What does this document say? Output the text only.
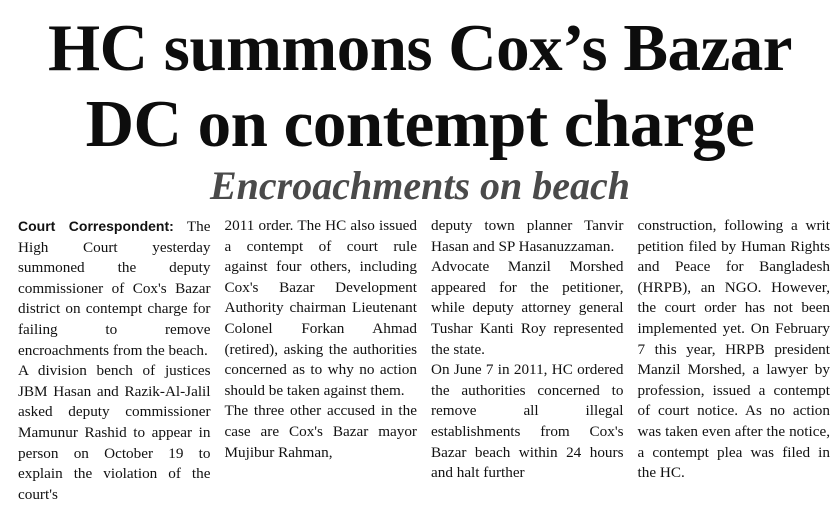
HC summons Cox’s Bazar
DC on contempt charge
Encroachments on beach

Court Correspondent: The High Court yesterday summoned the deputy commissioner of Cox's Bazar district on contempt charge for failing to remove encroachments from the beach.

A division bench of justices JBM Hasan and Razik-Al-Jalil asked deputy commissioner Mamunur Rashid to appear in person on October 19 to explain the violation of the court's

2011 order. The HC also issued a contempt of court rule against four others, including Cox's Bazar Development Authority chairman Lieutenant Colonel Forkan Ahmad (retired), asking the authorities concerned as to why no action should be taken against them.

The three other accused in the case are Cox's Bazar mayor Mujibur Rahman,

deputy town planner Tanvir Hasan and SP Hasanuzzaman.

Advocate Manzil Morshed appeared for the petitioner, while deputy attorney general Tushar Kanti Roy represented the state.

On June 7 in 2011, HC ordered the authorities concerned to remove all illegal establishments from Cox's Bazar beach within 24 hours and halt further

construction, following a writ petition filed by Human Rights and Peace for Bangladesh (HRPB), an NGO. However, the court order has not been implemented yet. On February 7 this year, HRPB president Manzil Morshed, a lawyer by profession, issued a contempt of court notice. As no action was taken even after the notice, a contempt plea was filed in the HC.
